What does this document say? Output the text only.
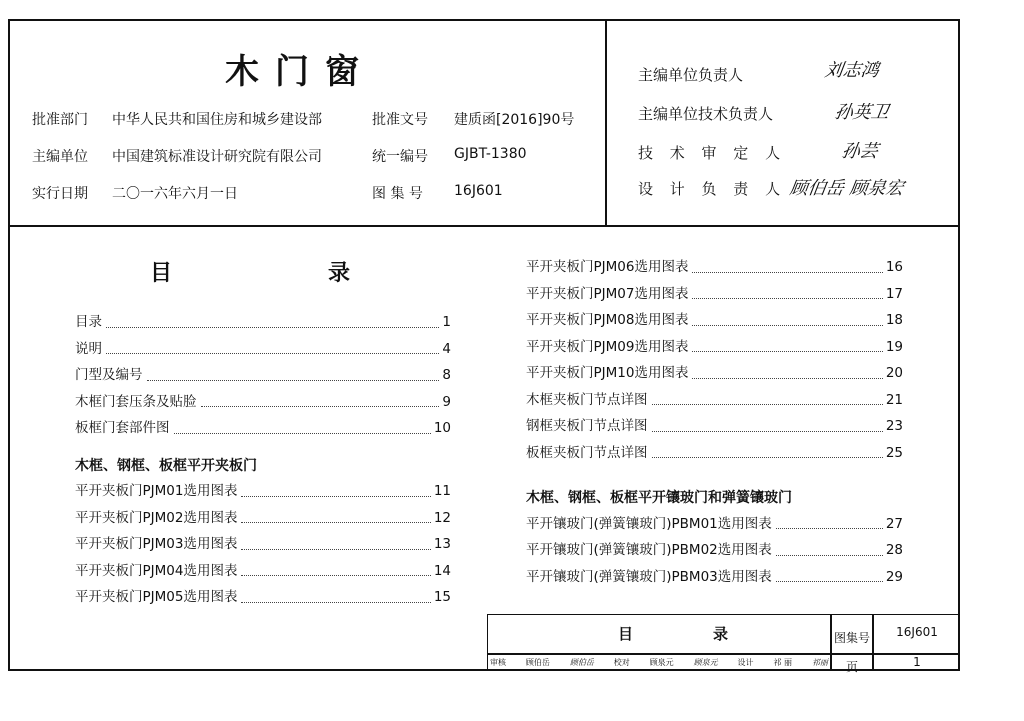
木门窗
批准部门 中华人民共和国住房和城乡建设部	批准文号 建质函[2016]90号
主编单位 中国建筑标准设计研究院有限公司	统一编号 GJBT-1380
实行日期 二〇一六年六月一日	图 集 号 16J601
主编单位负责人	刘志鸿
主编单位技术负责人	孙英卫
技 术 审 定 人	孙芸
设 计 负 责 人 顾伯岳 顾泉宏
目	录
目录	1
说明	4
门型及编号	8
木框门套压条及贴脸	9
板框门套部件图	10
木框、钢框、板框平开夹板门
平开夹板门PJM01选用图表	11
平开夹板门PJM02选用图表	12
平开夹板门PJM03选用图表	13
平开夹板门PJM04选用图表	14
平开夹板门PJM05选用图表	15
平开夹板门PJM06选用图表	16
平开夹板门PJM07选用图表	17
平开夹板门PJM08选用图表	18
平开夹板门PJM09选用图表	19
平开夹板门PJM10选用图表	20
木框夹板门节点详图	21
钢框夹板门节点详图	23
板框夹板门节点详图	25
木框、钢框、板框平开镶玻门和弹簧镶玻门
平开镶玻门(弹簧镶玻门)PBM01选用图表	27
平开镶玻门(弹簧镶玻门)PBM02选用图表	28
平开镶玻门(弹簧镶玻门)PBM03选用图表	29
目	录	图集号	16J601
页	1
审核 顾伯岳 顾伯岳 校对 顾泉元 顾泉元 设计 祁 丽 祁丽
